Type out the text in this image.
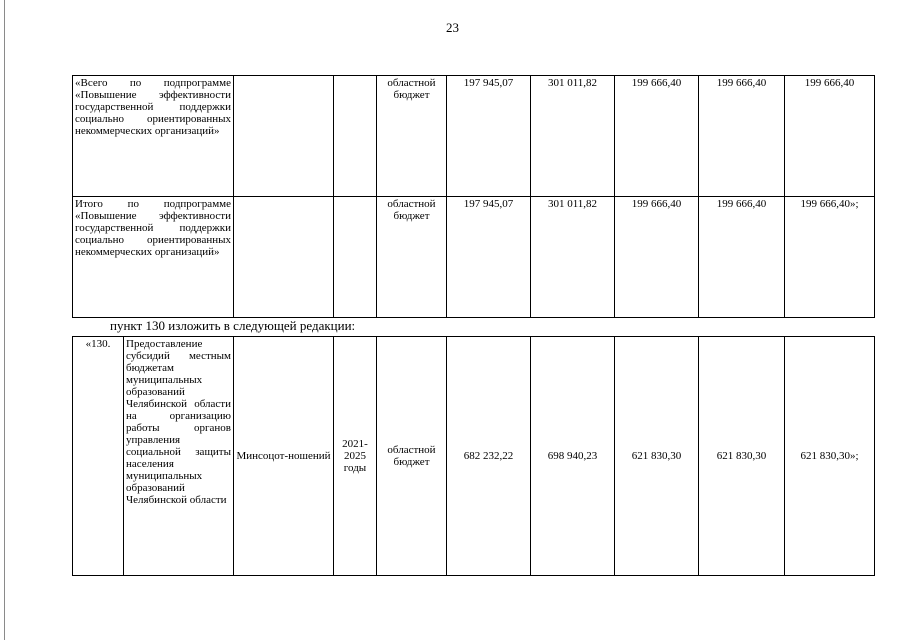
23
«Всего по подпрограмме «Повышение эффективности государственной поддержки социально ориентированных некоммерческих организаций»			областной бюджет	197 945,07	301 011,82	199 666,40	199 666,40	199 666,40
Итого по подпрограмме «Повышение эффективности государственной поддержки социально ориентированных некоммерческих организаций»			областной бюджет	197 945,07	301 011,82	199 666,40	199 666,40	199 666,40»;
пункт 130 изложить в следующей редакции:
«130.	Предоставление субсидий местным бюджетам муниципальных образований Челябинской области на организацию работы органов управления социальной защиты населения муниципальных образований Челябинской области	Минсоцот-ношений	2021-2025 годы	областной бюджет	682 232,22	698 940,23	621 830,30	621 830,30	621 830,30»;
